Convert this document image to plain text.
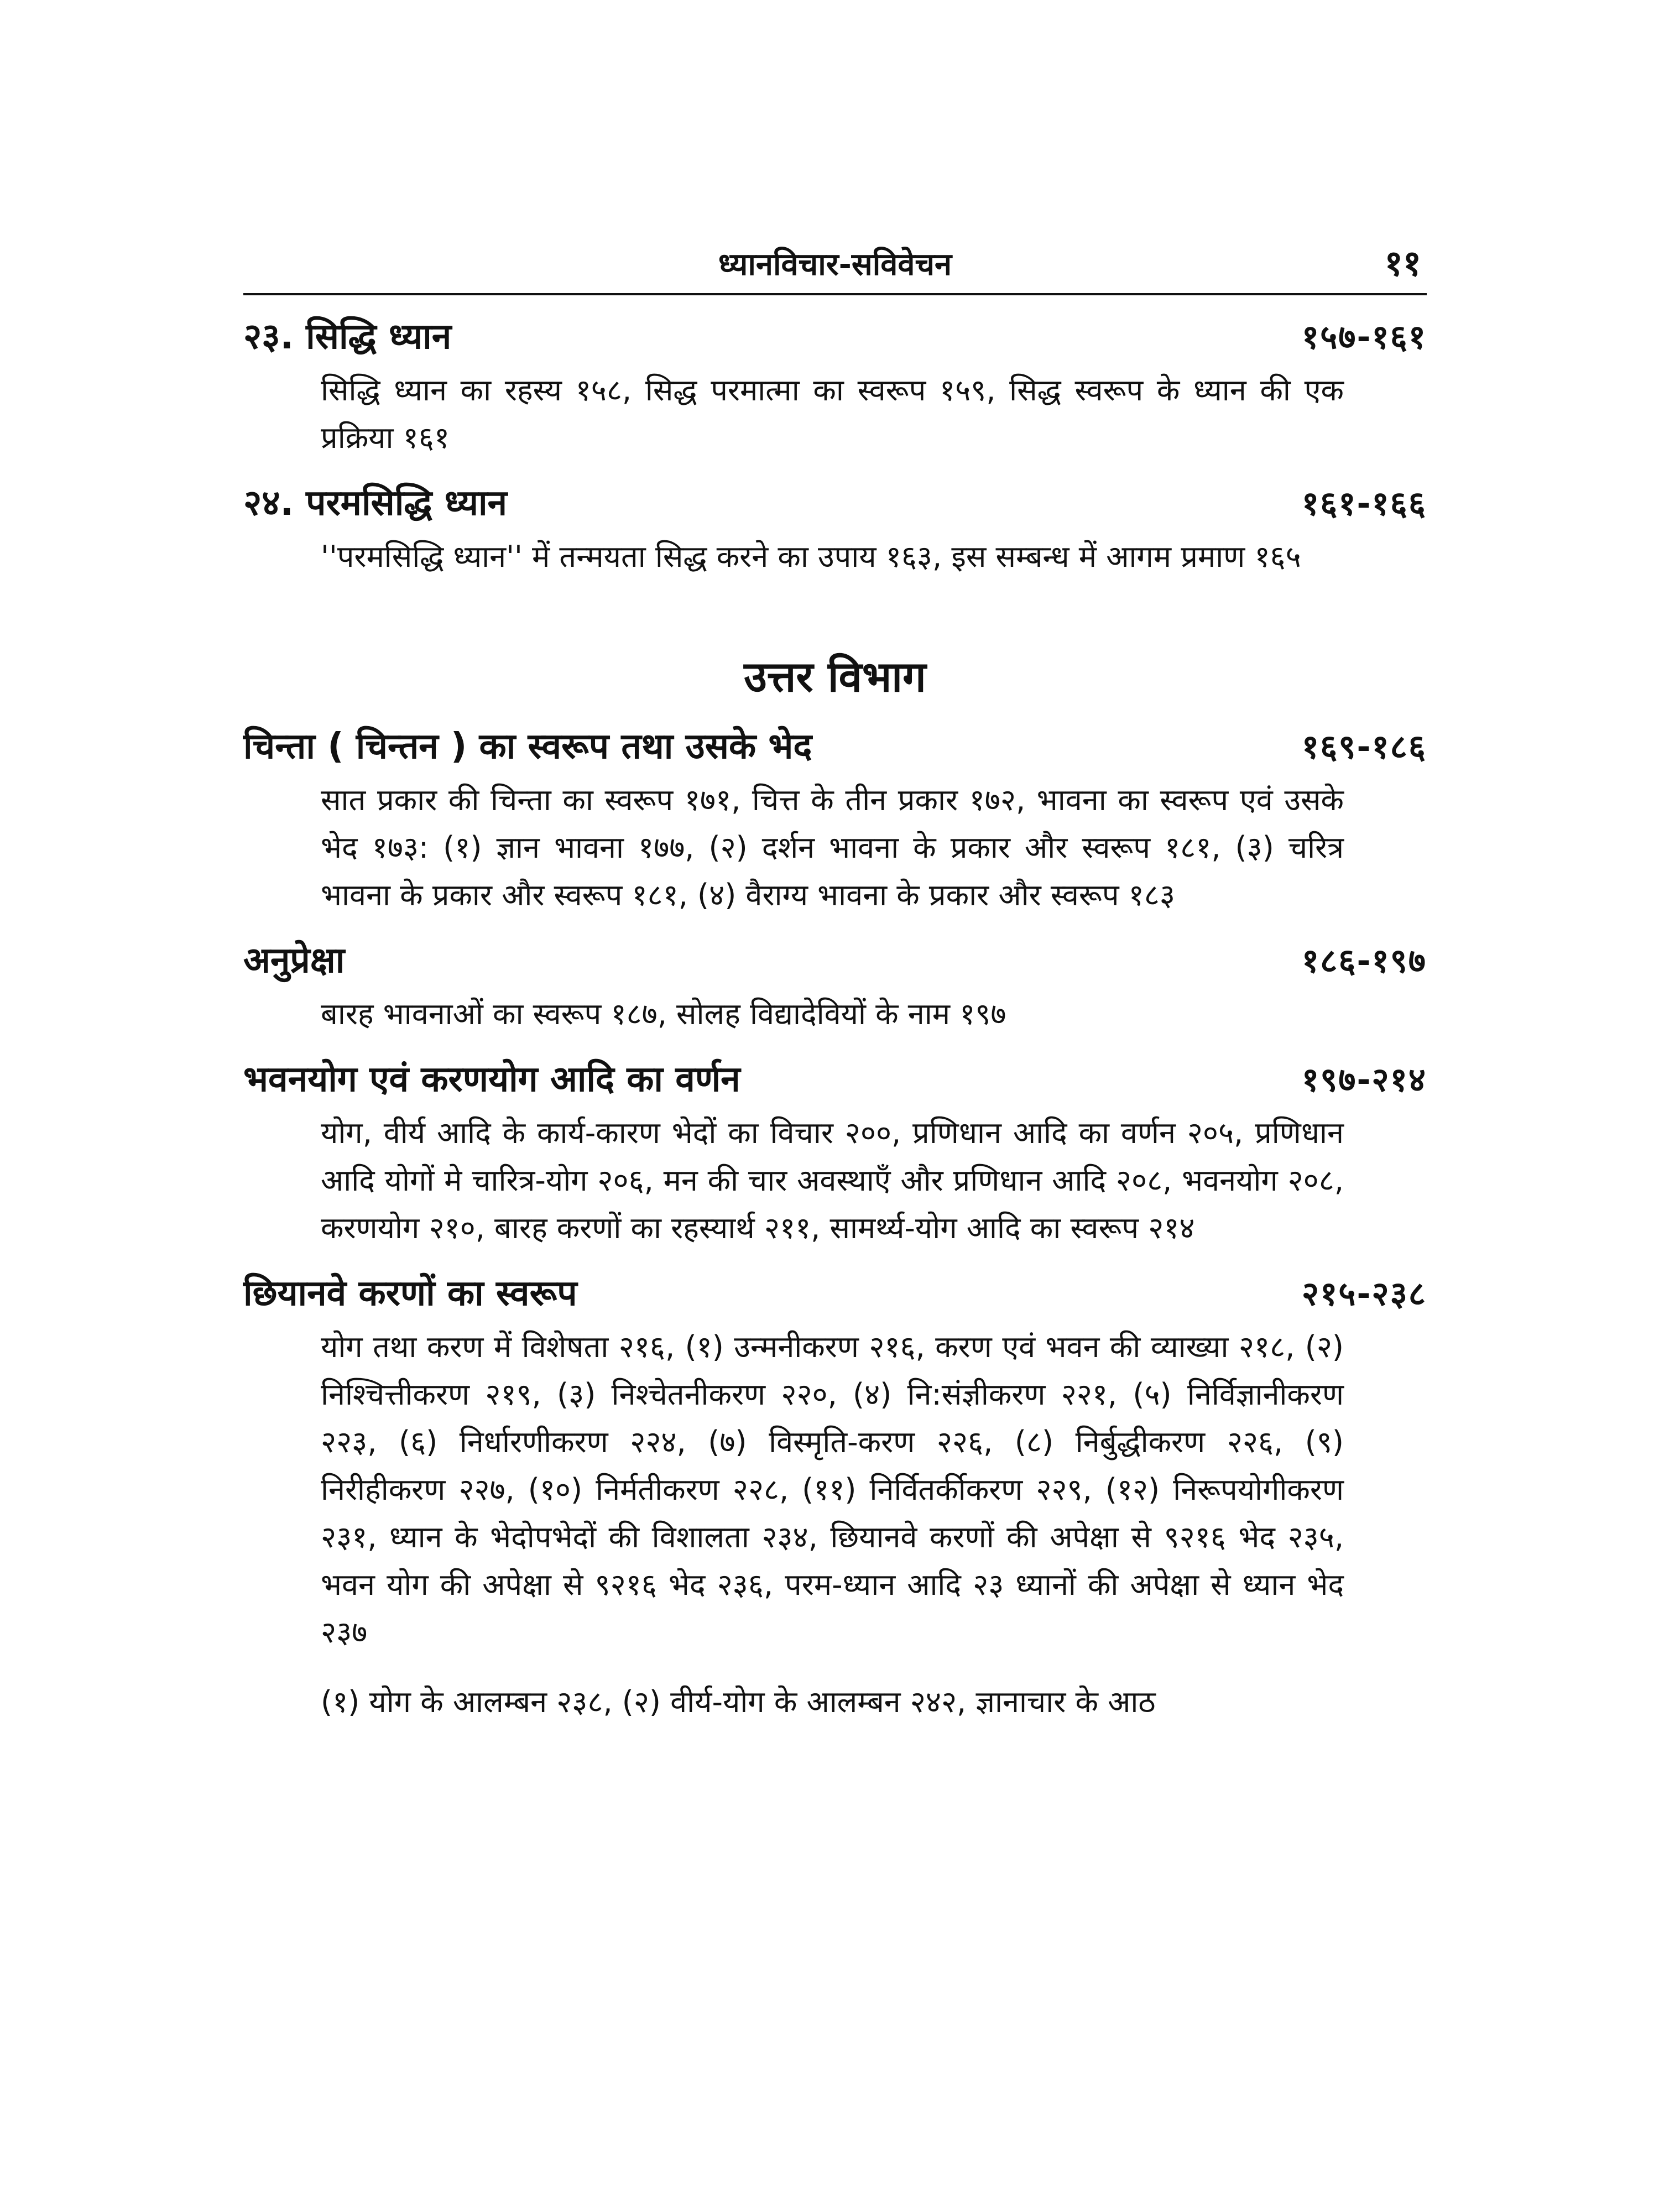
ध्यानविचार-सविवेचन	११
२३. सिद्धि ध्यान	१५७-१६१
सिद्धि ध्यान का रहस्य १५८, सिद्ध परमात्मा का स्वरूप १५९, सिद्ध स्वरूप के ध्यान की एक प्रक्रिया १६१
२४. परमसिद्धि ध्यान	१६१-१६६
''परमसिद्धि ध्यान'' में तन्मयता सिद्ध करने का उपाय १६३, इस सम्बन्ध में आगम प्रमाण १६५
उत्तर विभाग
चिन्ता ( चिन्तन ) का स्वरूप तथा उसके भेद	१६९-१८६
सात प्रकार की चिन्ता का स्वरूप १७१, चित्त के तीन प्रकार १७२, भावना का स्वरूप एवं उसके भेद १७३: (१) ज्ञान भावना १७७, (२) दर्शन भावना के प्रकार और स्वरूप १८१, (३) चरित्र भावना के प्रकार और स्वरूप १८१, (४) वैराग्य भावना के प्रकार और स्वरूप १८३
अनुप्रेक्षा	१८६-१९७
बारह भावनाओं का स्वरूप १८७, सोलह विद्यादेवियों के नाम १९७
भवनयोग एवं करणयोग आदि का वर्णन	१९७-२१४
योग, वीर्य आदि के कार्य-कारण भेदों का विचार २००, प्रणिधान आदि का वर्णन २०५, प्रणिधान आदि योगों मे चारित्र-योग २०६, मन की चार अवस्थाएँ और प्रणिधान आदि २०८, भवनयोग २०८, करणयोग २१०, बारह करणों का रहस्यार्थ २११, सामर्थ्य-योग आदि का स्वरूप २१४
छियानवे करणों का स्वरूप	२१५-२३८
योग तथा करण में विशेषता २१६, (१) उन्मनीकरण २१६, करण एवं भवन की व्याख्या २१८, (२) निश्चित्तीकरण २१९, (३) निश्चेतनीकरण २२०, (४) नि:संज्ञीकरण २२१, (५) निर्विज्ञानीकरण २२३, (६) निर्धारणीकरण २२४, (७) विस्मृति-करण २२६, (८) निर्बुद्धीकरण २२६, (९) निरीहीकरण २२७, (१०) निर्मतीकरण २२८, (११) निर्वितर्कीकरण २२९, (१२) निरूपयोगीकरण २३१, ध्यान के भेदोपभेदों की विशालता २३४, छियानवे करणों की अपेक्षा से ९२१६ भेद २३५, भवन योग की अपेक्षा से ९२१६ भेद २३६, परम-ध्यान आदि २३ ध्यानों की अपेक्षा से ध्यान भेद २३७
(१) योग के आलम्बन २३८, (२) वीर्य-योग के आलम्बन २४२, ज्ञानाचार के आठ
